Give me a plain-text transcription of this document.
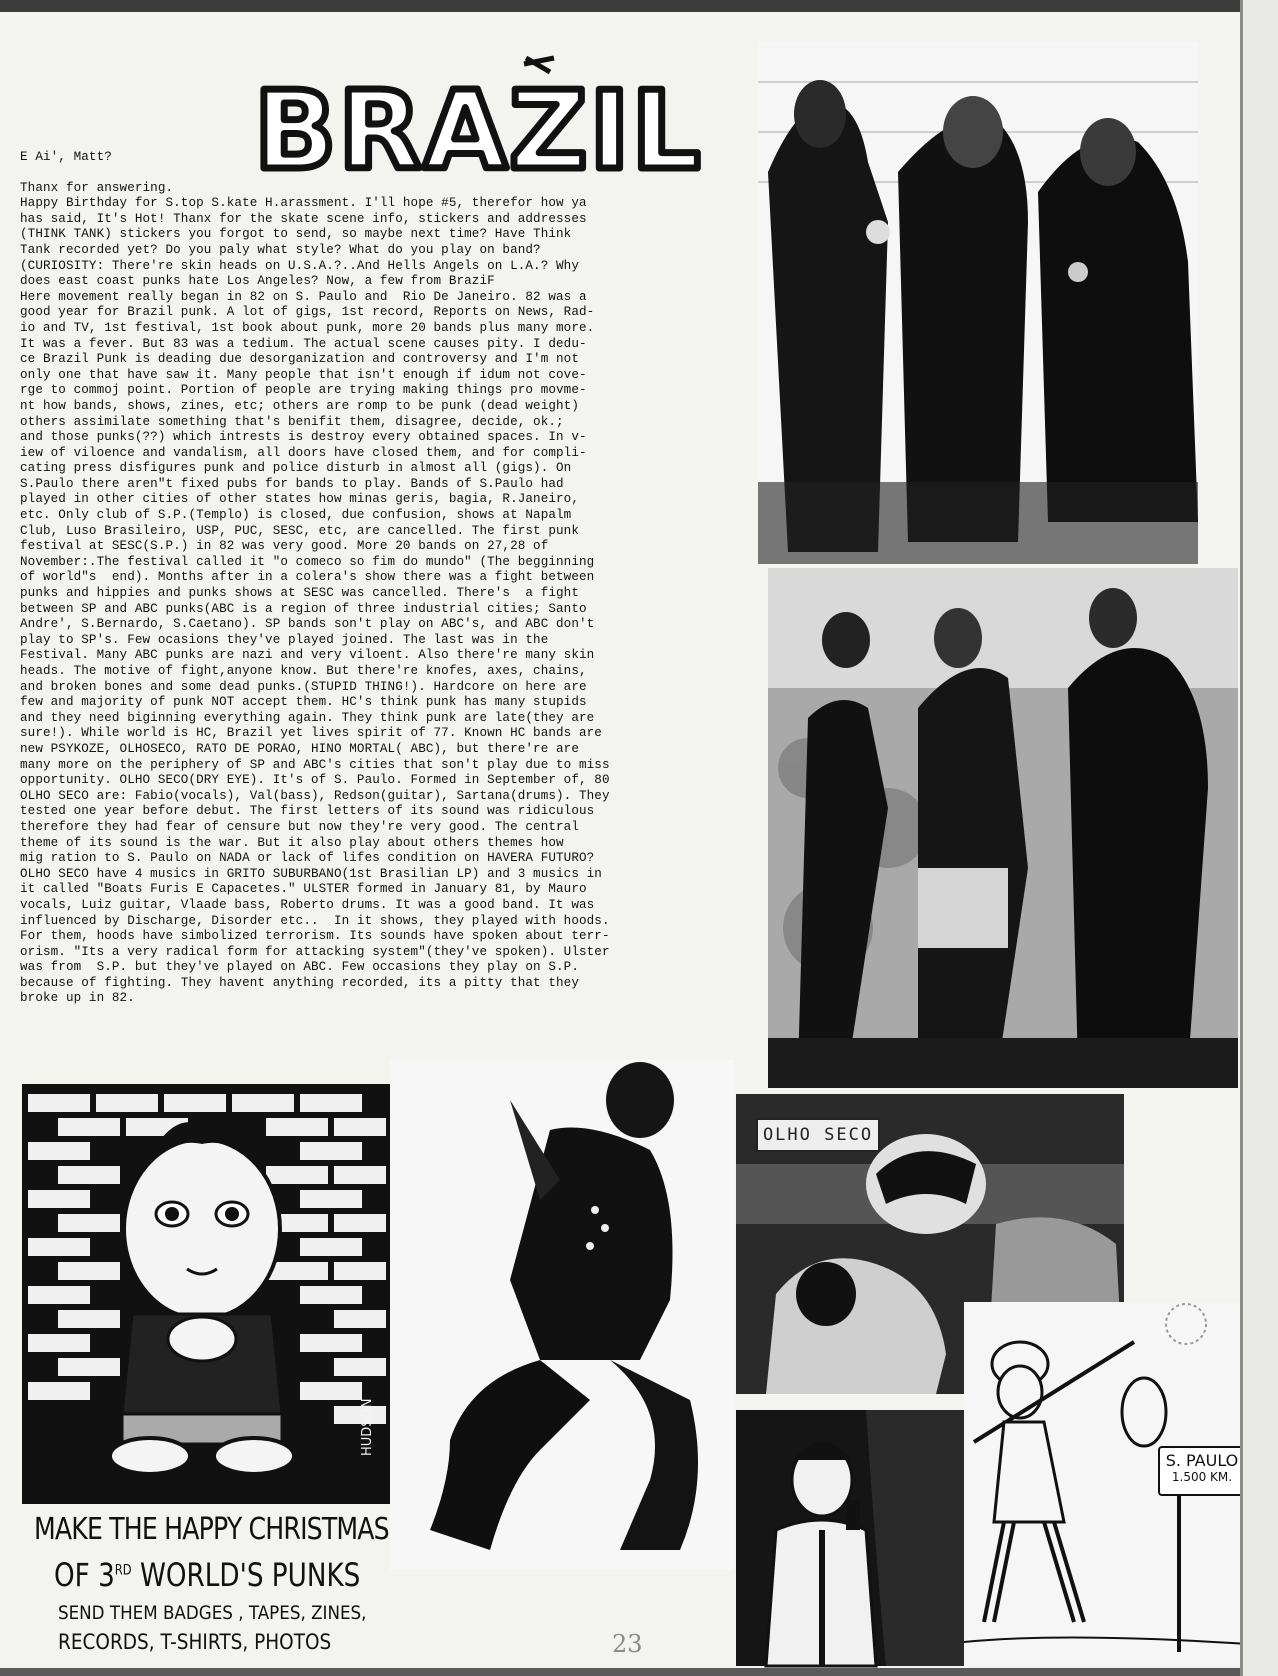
BRAZIL
E Ai', Matt?
Thanx for answering.
Happy Birthday for S.top S.kate H.arassment. I'll hope #5, therefor how ya
has said, It's Hot! Thanx for the skate scene info, stickers and addresses
(THINK TANK) stickers you forgot to send, so maybe next time? Have Think
Tank recorded yet? Do you paly what style? What do you play on band?
(CURIOSITY: There're skin heads on U.S.A.?..And Hells Angels on L.A.? Why
does east coast punks hate Los Angeles? Now, a few from BraziF
Here movement really began in 82 on S. Paulo and  Rio De Janeiro. 82 was a
good year for Brazil punk. A lot of gigs, 1st record, Reports on News, Rad-
io and TV, 1st festival, 1st book about punk, more 20 bands plus many more.
It was a fever. But 83 was a tedium. The actual scene causes pity. I dedu-
ce Brazil Punk is deading due desorganization and controversy and I'm not
only one that have saw it. Many people that isn't enough if idum not cove-
rge to commoj point. Portion of people are trying making things pro movme-
nt how bands, shows, zines, etc; others are romp to be punk (dead weight)
others assimilate something that's benifit them, disagree, decide, ok.;
and those punks(??) which intrests is destroy every obtained spaces. In v-
iew of viloence and vandalism, all doors have closed them, and for compli-
cating press disfigures punk and police disturb in almost all (gigs). On
S.Paulo there aren"t fixed pubs for bands to play. Bands of S.Paulo had
played in other cities of other states how minas geris, bagia, R.Janeiro,
etc. Only club of S.P.(Templo) is closed, due confusion, shows at Napalm
Club, Luso Brasileiro, USP, PUC, SESC, etc, are cancelled. The first punk
festival at SESC(S.P.) in 82 was very good. More 20 bands on 27,28 of
November:.The festival called it "o comeco so fim do mundo" (The begginning
of world"s  end). Months after in a colera's show there was a fight between
punks and hippies and punks shows at SESC was cancelled. There's  a fight
between SP and ABC punks(ABC is a region of three industrial cities; Santo
Andre', S.Bernardo, S.Caetano). SP bands son't play on ABC's, and ABC don't
play to SP's. Few ocasions they've played joined. The last was in the
Festival. Many ABC punks are nazi and very viloent. Also there're many skin
heads. The motive of fight,anyone know. But there're knofes, axes, chains,
and broken bones and some dead punks.(STUPID THING!). Hardcore on here are
few and majority of punk NOT accept them. HC's think punk has many stupids
and they need biginning everything again. They think punk are late(they are
sure!). While world is HC, Brazil yet lives spirit of 77. Known HC bands are
new PSYKOZE, OLHOSECO, RATO DE PORAO, HINO MORTAL( ABC), but there're are
many more on the periphery of SP and ABC's cities that son't play due to miss
opportunity. OLHO SECO(DRY EYE). It's of S. Paulo. Formed in September of, 80
OLHO SECO are: Fabio(vocals), Val(bass), Redson(guitar), Sartana(drums). They
tested one year before debut. The first letters of its sound was ridiculous
therefore they had fear of censure but now they're very good. The central
theme of its sound is the war. But it also play about others themes how
mig ration to S. Paulo on NADA or lack of lifes condition on HAVERA FUTURO?
OLHO SECO have 4 musics in GRITO SUBURBANO(1st Brasilian LP) and 3 musics in
it called "Boats Furis E Capacetes." ULSTER formed in January 81, by Mauro
vocals, Luiz guitar, Vlaade bass, Roberto drums. It was a good band. It was
influenced by Discharge, Disorder etc..  In it shows, they played with hoods.
For them, hoods have simbolized terrorism. Its sounds have spoken about terr-
orism. "Its a very radical form for attacking system"(they've spoken). Ulster
was from  S.P. but they've played on ABC. Few occasions they play on S.P.
because of fighting. They havent anything recorded, its a pitty that they
broke up in 82.
HUDSON
MAKE THE HAPPY CHRISTMAS
OF 3RD WORLD'S PUNKS
SEND THEM BADGES , TAPES, ZINES,
RECORDS, T-SHIRTS, PHOTOS
OLHO SECO
S. PAULO
1.500 KM.
23
